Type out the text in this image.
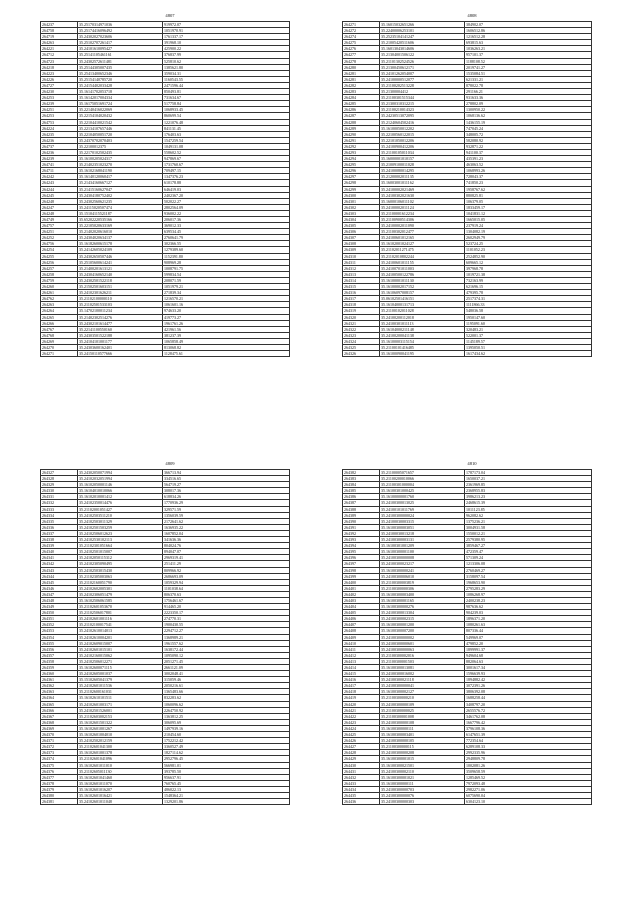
4807
264237	35.25170314971036	919972.07
264758	35.25174416096492	1051970.91
264719	35.24302027023606	1761337.17
264263	35.25102707261417	391968.10
264221	35.24101610095427	425900.22
264712	35.25141105461161	376837.99
264723	35.24302572611481	525810.62
264218	35.25144305007435	1385621.80
264223	35.25413400652346	359034.31
264226	35.25154140785720	1160543.55
264727	35.24154402033428	2471596.44
264230	35.16141702053718	850493.81
264253	35.16142017004334	731634.67
264239	35.16175051691724	517758.84
264251	35.22140416022069	1068933.45
264253	35.22154104020432	860699.54
264753	35.22104410021542	1221076.48
264224	35.22134107657446	841131.45
264235	35.22104050051720	176403.63
264236	35.24370702070403	1547259.54
264737	35.22100012375	1049131.08
264236	35.22170102502435	558602.52
264239	35.16100205024317	947869.67
264741	35.21402351023270	1731760.67
264711	35.16102168041190	709497.15
264242	35.16140120060417	1347376.23
264243	35.21434160667127	610178.88
264244	35.21415160627047	646419.03
264245	35.24304180752402	2402367.20
264248	35.24302560621235	502022.27
264247	35.24115020507474	2802564.09
264248	35.15104115521187	936002.22
264749	35.65202220535166	206017.36
264757	35.22105020633169	369012.33
264251	35.21402020616010	639534.45
264252	35.24304020634137	2760641.79
264756	35.16182600615178	302366.55
264254	35.24142605024109	1279389.60
264255	35.24302650507446	1152391.80
264256	35.25105600614241	908969.28
264257	35.21400201613121	1008791.75
264258	35.24304160652140	599834.54
264759	35.24302501522118	208071.59
264260	35.21502501603151	1051979.21
264261	35.24102301626211	271839.34
264762	35.21102100000110	1216570.21
264263	35.21102501533103	1061601.16
264264	35.14702100011234	974633.20
264265	35.21402302514276	419773.27
264266	35.24302101614477	1961761.26
264767	35.22141100550160	421961.56
264768	35.24303501522188	381237.39
264269	35.24104101001177	1065858.49
264270	35.24303600162401	813068.82
264271	35.24150110577666	1128475.61
4808
264271	35.16015032651266	384902.07
264272	35.22400006253101	1606512.86
264274	35.25235104141247	1216512.28
264275	35.21005420511606	693815.63
264276	35.16013043014606	1036263.21
264277	35.21304001506122	957101.37
264278	35.21101302524526	1188108.52
264280	35.21300450612171	2019741.27
264281	35.24101262054007	1535084.51
264281	35.24100000512077	621331.21
264282	35.21100202513228	878022.78
264283	35.21300004412	291166.21
264284	35.21100301515344	931633.36
264285	35.21300310312215	278802.09
264286	35.21100210014323	1300950.22
264287	35.24230513072095	1068136.62
264288	35.21240604502416	1436155.19
264289	35.16100050012202	747045.24
264290	35.22100560122015	348005.72
264291	35.22101050012206	582080.92
264292	35.24100900412206	932871.22
264293	35.21100105011034	941100.37
264294	35.16000001010157	435391.23
264295	35.21009100011028	463063.52
264296	35.24100080014295	1068993.26
264297	35.21200002011135	728043.37
264298	35.16003001011162	741850.23
264299	35.24100002021469	1958767.62
264300	35.24100302021630	880825.81
264301	35.16000106011102	106379.05
264302	35.24100002011124	1833459.17
264303	35.21100001612234	1041831.12
264304	35.21100900514306	1665015.05
264305	35.24100002011090	237919.24
264306	35.21100302012477	1304082.19
264307	35.24100601012165	2602949.79
264308	35.16102001024127	523724.25
264309	35.21102011271475	1101052.23
264310	35.21102010802244	2524852.90
264311	35.24100601011155	609665.12
264312	35.24100701011003	397968.78
264313	35.24100500122786	1019721.38
264314	35.16100001011130	732163.99
264315	35.16100002017152	621696.15
264316	35.16106097008157	479395.78
264317	35.06102501416151	2517374.31
264318	35.16104000131713	1111866.33
264319	35.21100102011028	548036.58
264320	35.24100200112018	1950147.60
264321	35.24100301011113	1195091.60
264322	35.16104000211148	320483.21
264323	35.24100200041138	522001.37
264324	35.16100003115154	1145189.57
264325	35.21100101416485	1395050.51
264326	35.16100090041195	1617434.62
4809
264327	35.24302050071994	366713.94
264328	35.24102032051994	334516.65
264329	35.16102050001146	564719.27
264330	35.16104010010066	308017.36
264331	35.16102010001412	618834.26
264332	35.24102350014476	1770936.29
264333	35.21102001051427	329571.59
264334	35.24102503511210	1356039.59
264335	35.24102503011329	2172641.62
264336	35.24102501503259	1636935.22
264337	35.24102506012623	1607852.04
264338	35.24102530102113	341636.36
264339	35.21102301051664	804024.76
264340	35.24102501015007	894047.07
264341	35.24102050115312	2969319.41
264342	35.24102305090495	251411.29
264343	35.24102503015430	809966.92
264344	35.21102305003063	2686693.09
264345	35.21102160051790	1059329.94
264346	35.24102602005301	1101038.64
264347	35.24102306051479	806370.63
264348	35.16102506061585	1756461.67
264349	35.21102601053670	914465.20
264350	35.21102506017801	2223350.17
264351	35.24102601001116	274770.31
264352	35.21102100017541	1900430.55
264353	35.24102610014013	2294712.27
264354	35.24102610004201	1368989.21
264355	35.24102609015007	1961557.62
264356	35.24102601015101	1638172.44
264357	35.24102160015062	1095090.12
264358	35.24102506012271	2051271.45
264359	35.16102600071115	2661121.09
264360	35.24102605001037	3002048.41
264361	35.15102605041379	315059.46
264362	35.24102601011536	2050216.61
264363	35.21102600161031	1365483.66
264364	35.16102610101511	832283.62
264365	35.24102601003171	1060096.62
264366	35.24102501526001	2264750.92
264367	35.21102603002153	1363812.25
264368	35.16102601501322	306095.69
264369	35.16102601001267	1497939.16
264370	35.16102601004010	210454.60
264371	35.24102502012159	1752212.42
264372	35.21102601041300	3360527.49
264373	35.16102601001378	1827114.62
264374	35.21102601041096	2952796.45
264375	35.16102601011010	566981.01
264376	35.21102605011130	393785.50
264377	35.16102601041460	956637.91
264378	35.16102601011070	760765.45
264379	35.16102601016207	486022.13
264380	35.16102601016421	1548364.21
264381	35.24102601011048	1329201.86
4810
264382	35.21100005071657	1787173.04
264383	35.21100200010066	1650037.21
264384	35.21100301000004	2361969.85
264385	35.16100301000425	2368955.83
264386	35.16100000001760	3986213.23
264387	35.24100300013025	2468615.39
264388	35.24100101011769	1011123.85
264389	35.24100300000024	962082.62
264390	35.24100030003315	1375236.21
264391	35.16100300003051	3004931.58
264392	35.24100030013218	1550012.21
264393	35.24100300003131	2579380.95
264394	35.16100301001209	3859467.27
264395	35.16100300001100	472359.47
264396	35.24100300000008	571309.24
264397	35.24100300023217	1213306.08
264398	35.16100300000241	2760469.27
264399	35.24100300006010	3158097.54
264400	35.21100300003819	1968653.90
264401	35.21100300000306	2795283.29
264402	35.16100300003400	1086268.97
264403	35.16100300001165	2400238.23
264404	35.16100300000276	987636.62
264405	35.24100300013304	904239.03
264406	35.24100300002315	1896371.20
264407	35.16100300001200	1080261.63
264408	35.16100300007200	807336.44
264409	35.24100300000002	549969.07
264410	35.24100300000601	479852.20
264411	35.24100300000063	1899991.37
264412	35.21100300002016	949604.68
264413	35.21100300001503	882064.63
264414	35.16100300013081	3001617.34
264415	35.24100300016002	1596639.93
264416	35.24100300021118	1894882.42
264417	35.24100300000041	3072391.26
264418	35.16100300002127	3806392.08
264419	35.21100300000210	1688258.44
264420	35.24100300000109	3408797.20
264421	35.21100300000025	2655576.72
264422	35.21100300001008	3461762.08
264423	35.24100300000108	1667796.42
264424	35.16100300000111	3796108.36
264425	35.16100300003401	6147651.39
264426	35.24100300000105	772354.64
264427	35.21100300000115	6289108.33
264428	35.24100300000208	2992335.96
264429	35.16100300001015	2948809.78
264430	35.16100300021501	1002081.26
264431	35.24100300002110	3509658.59
264432	35.16100300001021	1285469.52
264433	35.16100300000111	7972093.48
264434	35.24100300000703	2982271.06
264435	35.24100300000076	6075690.04
264436	35.24100300000303	6304123.10
